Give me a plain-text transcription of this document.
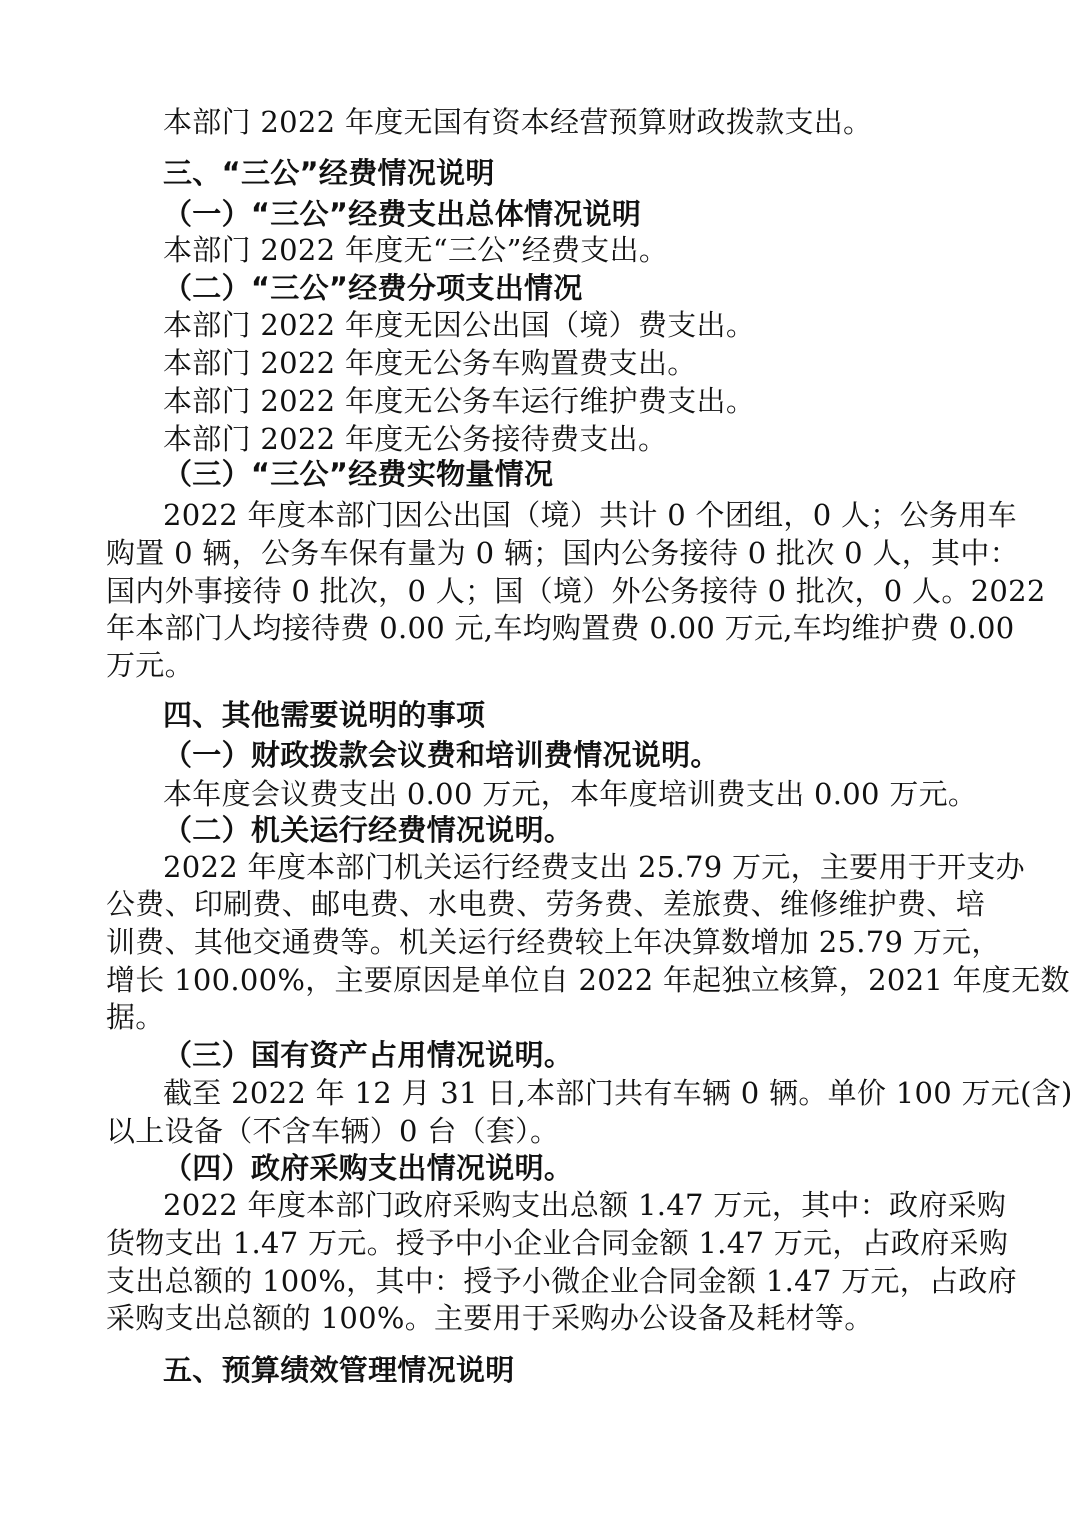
本部门 2022 年度无国有资本经营预算财政拨款支出。
三、“三公”经费情况说明
（一）“三公”经费支出总体情况说明
本部门 2022 年度无“三公”经费支出。
（二）“三公”经费分项支出情况
本部门 2022 年度无因公出国（境）费支出。
本部门 2022 年度无公务车购置费支出。
本部门 2022 年度无公务车运行维护费支出。
本部门 2022 年度无公务接待费支出。
（三）“三公”经费实物量情况
2022 年度本部门因公出国（境）共计 0 个团组，0 人；公务用车
购置 0 辆，公务车保有量为 0 辆；国内公务接待 0 批次 0 人，其中：
国内外事接待 0 批次，0 人；国（境）外公务接待 0 批次，0 人。2022
年本部门人均接待费 0.00 元,车均购置费 0.00 万元,车均维护费 0.00
万元。
四、其他需要说明的事项
（一）财政拨款会议费和培训费情况说明。
本年度会议费支出 0.00 万元，本年度培训费支出 0.00 万元。
（二）机关运行经费情况说明。
2022 年度本部门机关运行经费支出 25.79 万元，主要用于开支办
公费、印刷费、邮电费、水电费、劳务费、差旅费、维修维护费、培
训费、其他交通费等。机关运行经费较上年决算数增加 25.79 万元，
增长 100.00%，主要原因是单位自 2022 年起独立核算，2021 年度无数
据。
（三）国有资产占用情况说明。
截至 2022 年 12 月 31 日,本部门共有车辆 0 辆。单价 100 万元(含)
以上设备（不含车辆）0 台（套）。
（四）政府采购支出情况说明。
2022 年度本部门政府采购支出总额 1.47 万元，其中：政府采购
货物支出 1.47 万元。授予中小企业合同金额 1.47 万元，占政府采购
支出总额的 100%，其中：授予小微企业合同金额 1.47 万元，占政府
采购支出总额的 100%。主要用于采购办公设备及耗材等。
五、预算绩效管理情况说明
